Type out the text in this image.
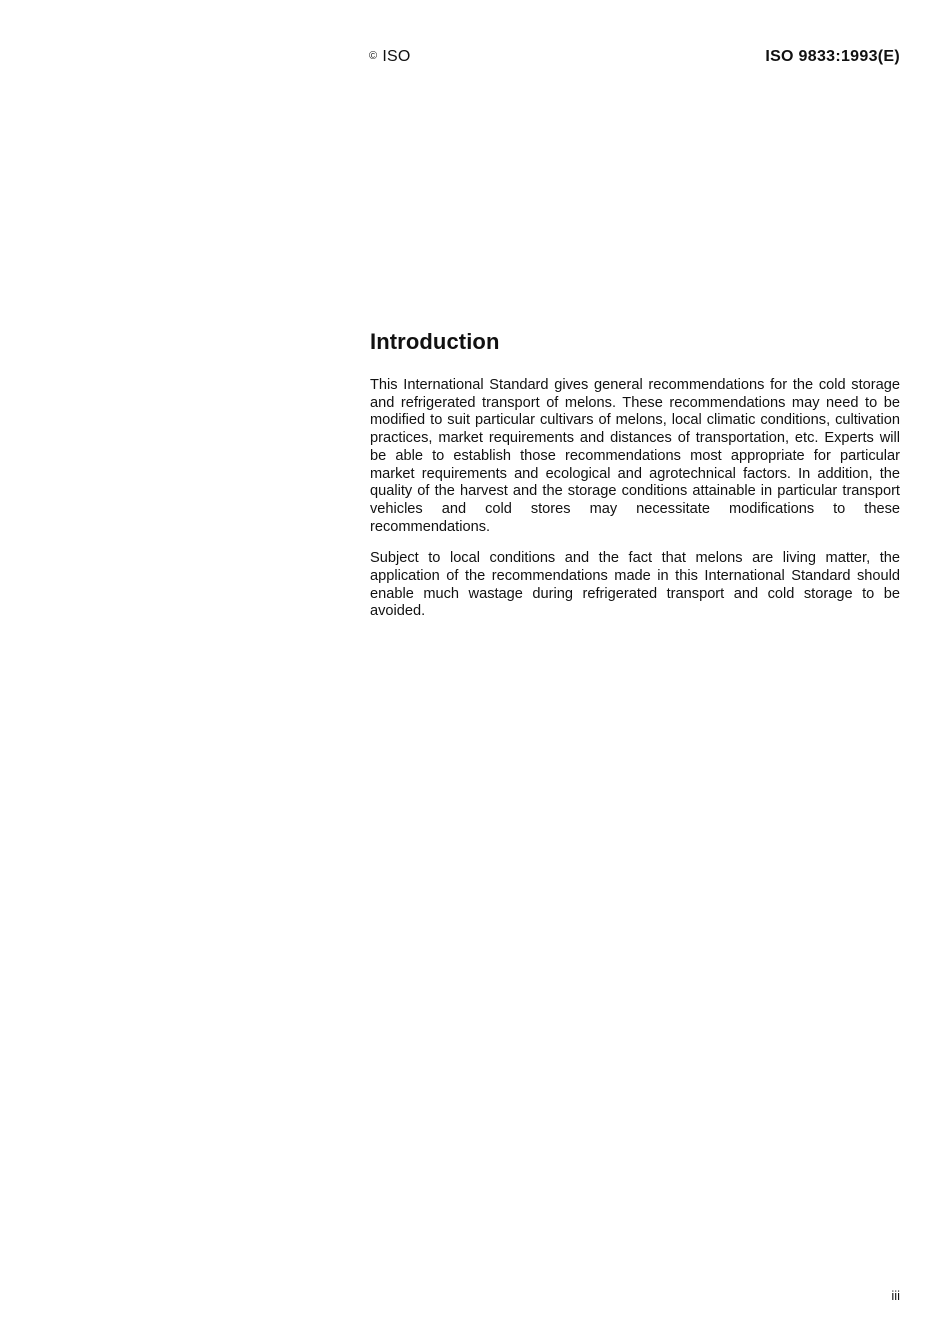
© ISO	ISO 9833:1993(E)
Introduction

This International Standard gives general recommendations for the cold storage and refrigerated transport of melons. These recommendations may need to be modified to suit particular cultivars of melons, local climatic conditions, cultivation practices, market requirements and distances of transportation, etc. Experts will be able to establish those recommendations most appropriate for particular market requirements and ecological and agrotechnical factors. In addition, the quality of the harvest and the storage conditions attainable in particular transport vehicles and cold stores may necessitate modifications to these recommendations.

Subject to local conditions and the fact that melons are living matter, the application of the recommendations made in this International Standard should enable much wastage during refrigerated transport and cold storage to be avoided.

iii
